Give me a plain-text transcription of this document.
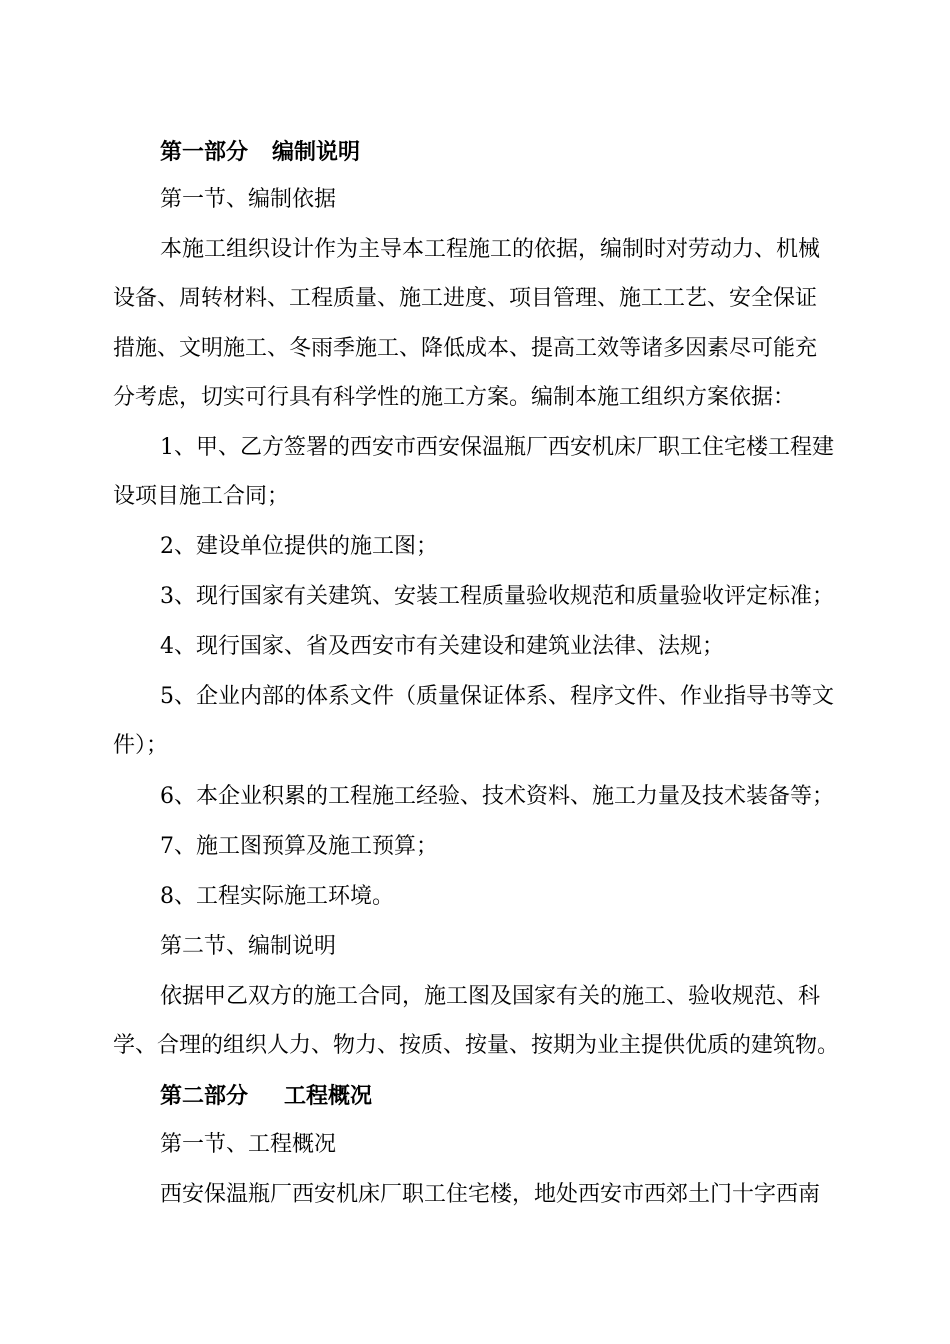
第一部分 编制说明
第一节、编制依据
本施工组织设计作为主导本工程施工的依据，编制时对劳动力、机械
设备、周转材料、工程质量、施工进度、项目管理、施工工艺、安全保证
措施、文明施工、冬雨季施工、降低成本、提高工效等诸多因素尽可能充
分考虑，切实可行具有科学性的施工方案。编制本施工组织方案依据：
1、甲、乙方签署的西安市西安保温瓶厂西安机床厂职工住宅楼工程建
设项目施工合同；
2、建设单位提供的施工图；
3、现行国家有关建筑、安装工程质量验收规范和质量验收评定标准；
4、现行国家、省及西安市有关建设和建筑业法律、法规；
5、企业内部的体系文件（质量保证体系、程序文件、作业指导书等文
件）；
6、本企业积累的工程施工经验、技术资料、施工力量及技术装备等；
7、施工图预算及施工预算；
8、工程实际施工环境。
第二节、编制说明
依据甲乙双方的施工合同，施工图及国家有关的施工、验收规范、科
学、合理的组织人力、物力、按质、按量、按期为业主提供优质的建筑物。
第二部分 工程概况
第一节、工程概况
西安保温瓶厂西安机床厂职工住宅楼，地处西安市西郊土门十字西南
